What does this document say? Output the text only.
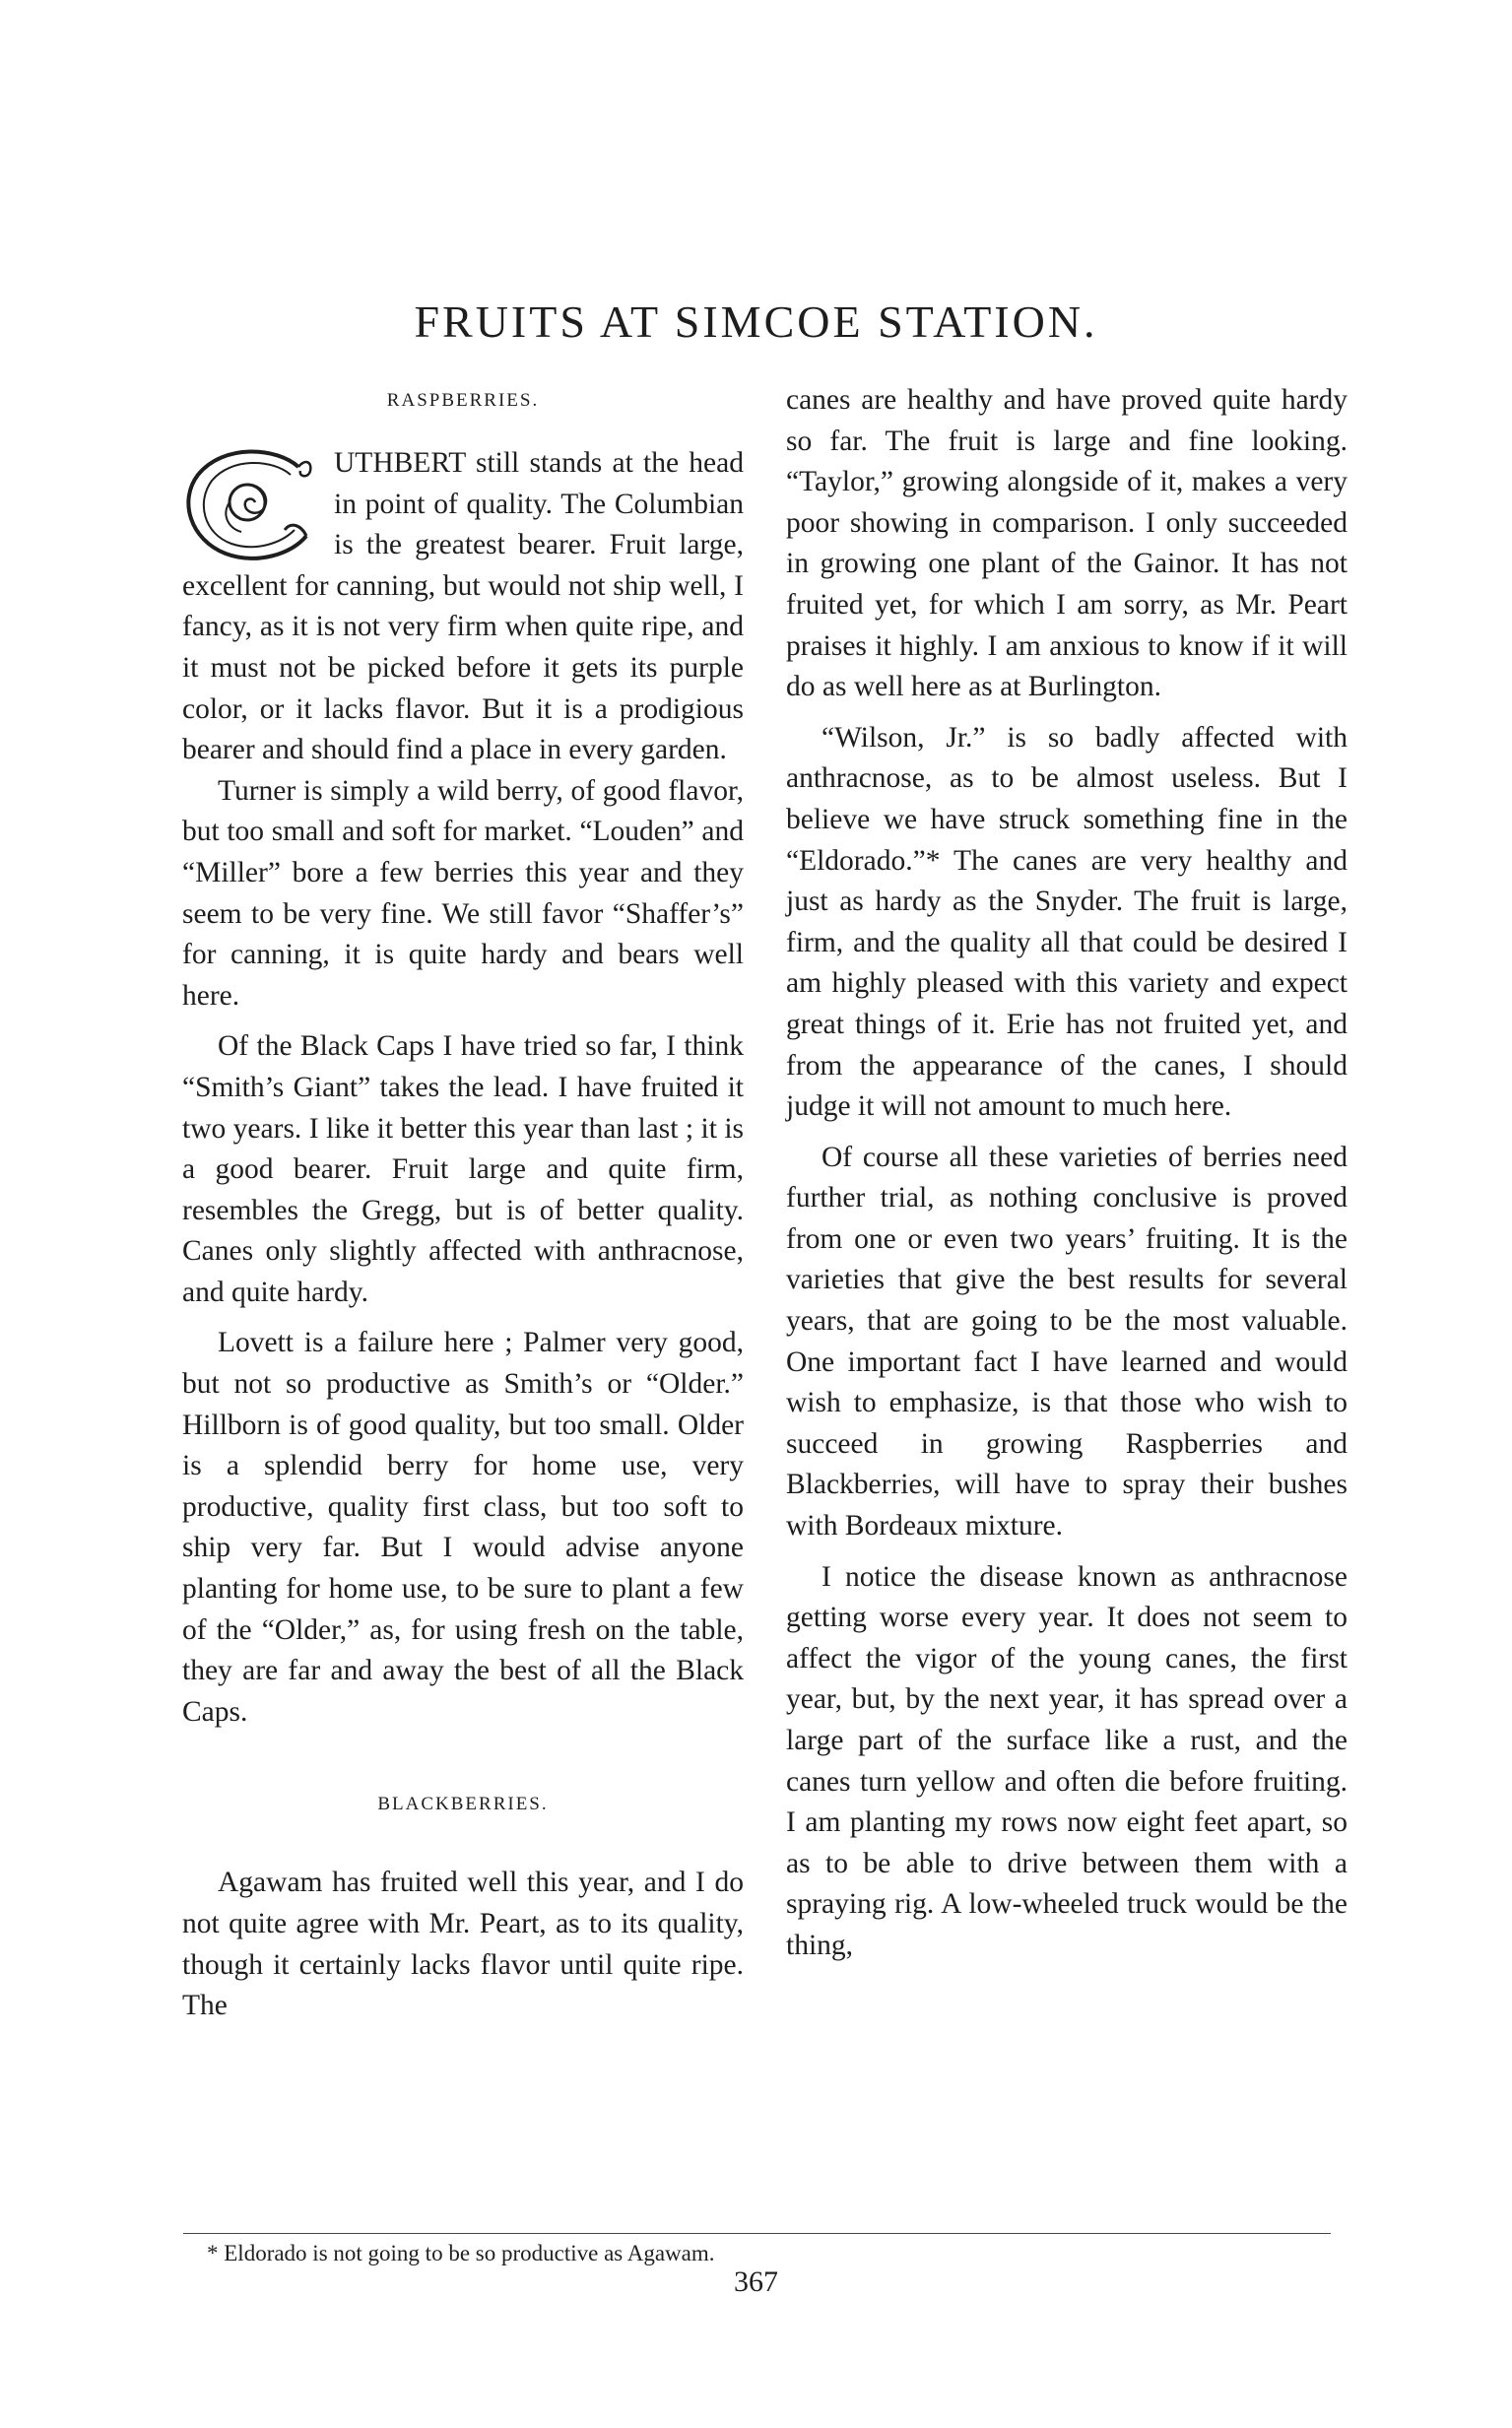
FRUITS AT SIMCOE STATION.
RASPBERRIES.

UTHBERT still stands at the head in point of quality. The Columbian is the greatest bearer. Fruit large, excellent for canning, but would not ship well, I fancy, as it is not very firm when quite ripe, and it must not be picked before it gets its purple color, or it lacks flavor. But it is a prodigious bearer and should find a place in every garden.

Turner is simply a wild berry, of good flavor, but too small and soft for market. “Louden” and “Miller” bore a few berries this year and they seem to be very fine. We still favor “Shaffer’s” for canning, it is quite hardy and bears well here.

Of the Black Caps I have tried so far, I think “Smith’s Giant” takes the lead. I have fruited it two years. I like it better this year than last ; it is a good bearer. Fruit large and quite firm, resembles the Gregg, but is of better quality. Canes only slightly affected with anthracnose, and quite hardy.

Lovett is a failure here ; Palmer very good, but not so productive as Smith’s or “Older.” Hillborn is of good quality, but too small. Older is a splendid berry for home use, very productive, quality first class, but too soft to ship very far. But I would advise anyone planting for home use, to be sure to plant a few of the “Older,” as, for using fresh on the table, they are far and away the best of all the Black Caps.

BLACKBERRIES.

Agawam has fruited well this year, and I do not quite agree with Mr. Peart, as to its quality, though it certainly lacks flavor until quite ripe. The

canes are healthy and have proved quite hardy so far. The fruit is large and fine looking. “Taylor,” growing alongside of it, makes a very poor showing in comparison. I only succeeded in growing one plant of the Gainor. It has not fruited yet, for which I am sorry, as Mr. Peart praises it highly. I am anxious to know if it will do as well here as at Burlington.

“Wilson, Jr.” is so badly affected with anthracnose, as to be almost useless. But I believe we have struck something fine in the “Eldorado.”* The canes are very healthy and just as hardy as the Snyder. The fruit is large, firm, and the quality all that could be desired I am highly pleased with this variety and expect great things of it. Erie has not fruited yet, and from the appearance of the canes, I should judge it will not amount to much here.

Of course all these varieties of berries need further trial, as nothing conclusive is proved from one or even two years’ fruiting. It is the varieties that give the best results for several years, that are going to be the most valuable. One important fact I have learned and would wish to emphasize, is that those who wish to succeed in growing Raspberries and Blackberries, will have to spray their bushes with Bordeaux mixture.

I notice the disease known as anthracnose getting worse every year. It does not seem to affect the vigor of the young canes, the first year, but, by the next year, it has spread over a large part of the surface like a rust, and the canes turn yellow and often die before fruiting. I am planting my rows now eight feet apart, so as to be able to drive between them with a spraying rig. A low-wheeled truck would be the thing,

* Eldorado is not going to be so productive as Agawam.

367
